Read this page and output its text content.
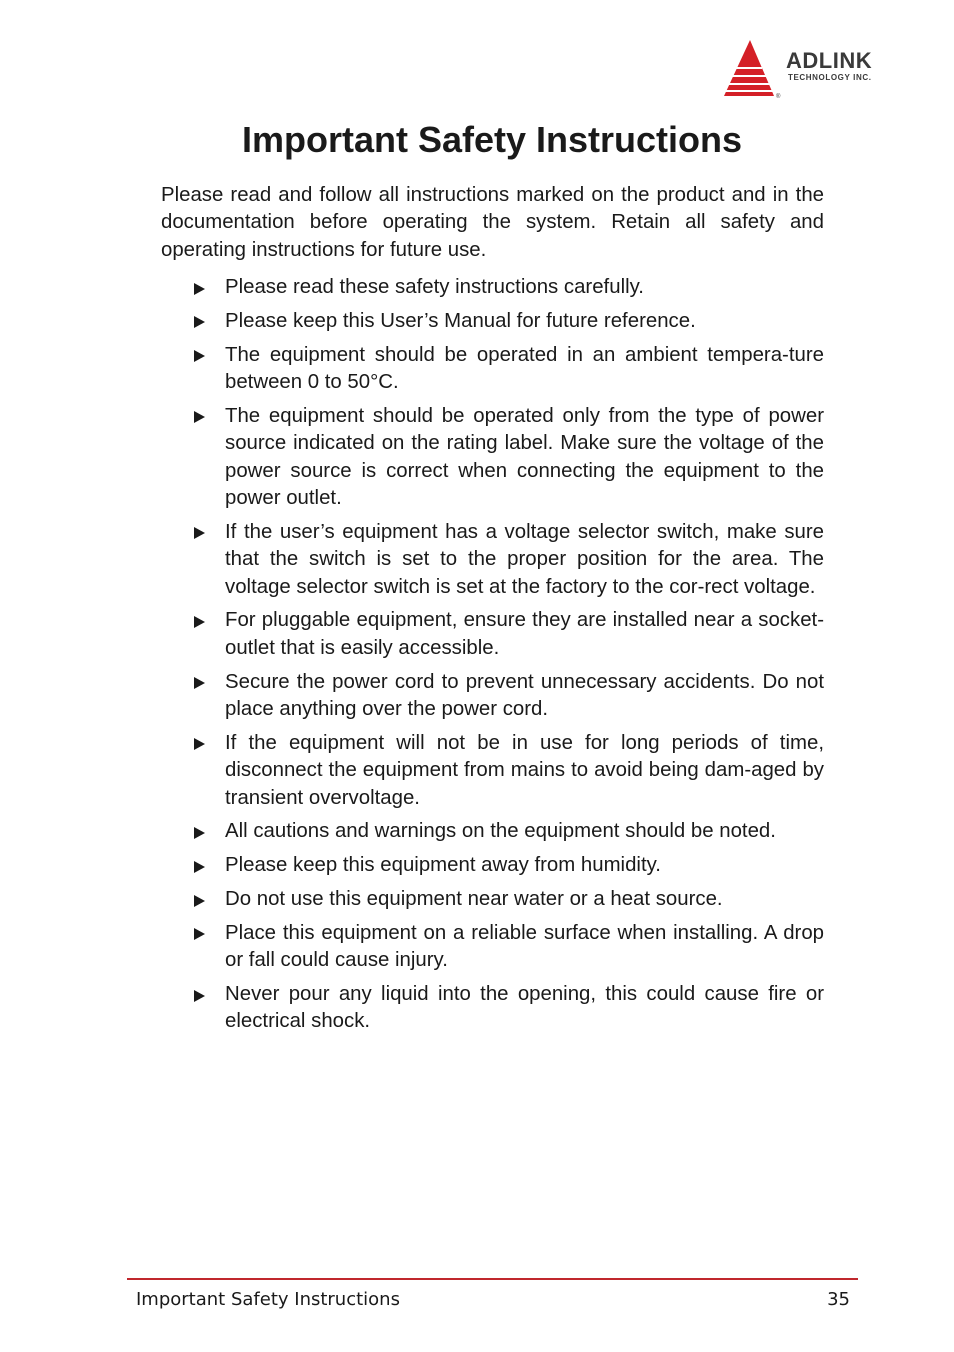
®
ADLINK
TECHNOLOGY INC.
Important Safety Instructions

Please read and follow all instructions marked on the product and in the documentation before operating the system. Retain all safety and operating instructions for future use.

Please read these safety instructions carefully.
Please keep this User’s Manual for future reference.
The equipment should be operated in an ambient tempera-ture between 0 to 50°C.
The equipment should be operated only from the type of power source indicated on the rating label. Make sure the voltage of the power source is correct when connecting the equipment to the power outlet.
If the user’s equipment has a voltage selector switch, make sure that the switch is set to the proper position for the area. The voltage selector switch is set at the factory to the cor-rect voltage.
For pluggable equipment, ensure they are installed near a socket-outlet that is easily accessible.
Secure the power cord to prevent unnecessary accidents. Do not place anything over the power cord.
If the equipment will not be in use for long periods of time, disconnect the equipment from mains to avoid being dam-aged by transient overvoltage.
All cautions and warnings on the equipment should be noted.
Please keep this equipment away from humidity.
Do not use this equipment near water or a heat source.
Place this equipment on a reliable surface when installing. A drop or fall could cause injury.
Never pour any liquid into the opening, this could cause fire or electrical shock.
Important Safety Instructions	35
